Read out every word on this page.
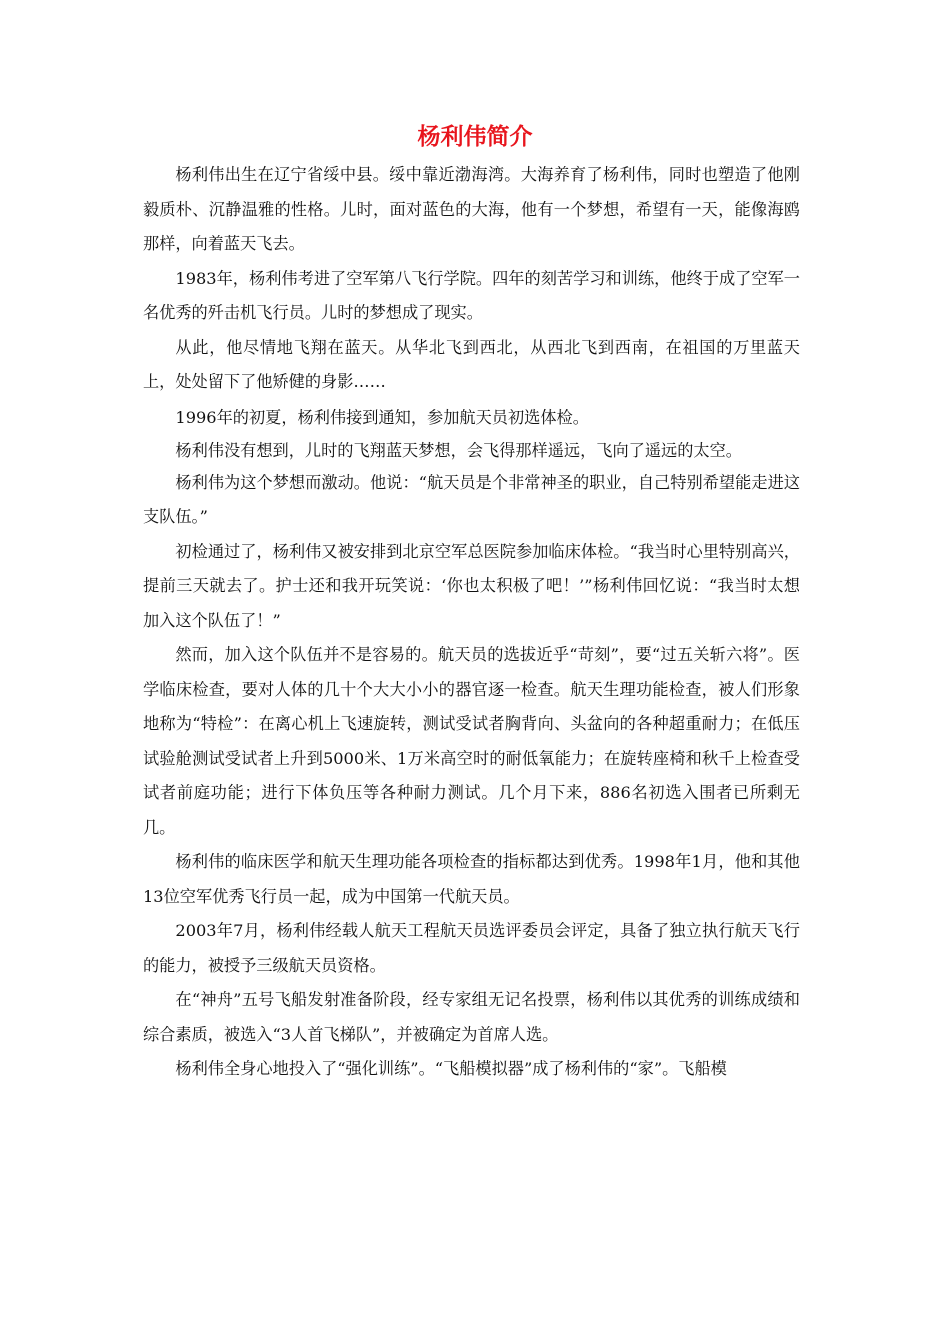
杨利伟简介

杨利伟出生在辽宁省绥中县。绥中靠近渤海湾。大海养育了杨利伟，同时也塑造了他刚毅质朴、沉静温雅的性格。儿时，面对蓝色的大海，他有一个梦想，希望有一天，能像海鸥那样，向着蓝天飞去。

1983年，杨利伟考进了空军第八飞行学院。四年的刻苦学习和训练，他终于成了空军一名优秀的歼击机飞行员。儿时的梦想成了现实。

从此，他尽情地飞翔在蓝天。从华北飞到西北，从西北飞到西南，在祖国的万里蓝天上，处处留下了他矫健的身影……

1996年的初夏，杨利伟接到通知，参加航天员初选体检。

杨利伟没有想到，儿时的飞翔蓝天梦想，会飞得那样遥远，飞向了遥远的太空。

杨利伟为这个梦想而激动。他说：“航天员是个非常神圣的职业，自己特别希望能走进这支队伍。”

初检通过了，杨利伟又被安排到北京空军总医院参加临床体检。“我当时心里特别高兴，提前三天就去了。护士还和我开玩笑说：‘你也太积极了吧！’”杨利伟回忆说：“我当时太想加入这个队伍了！”

然而，加入这个队伍并不是容易的。航天员的选拔近乎“苛刻”，要“过五关斩六将”。医学临床检查，要对人体的几十个大大小小的器官逐一检查。航天生理功能检查，被人们形象地称为“特检”：在离心机上飞速旋转，测试受试者胸背向、头盆向的各种超重耐力；在低压试验舱测试受试者上升到5000米、1万米高空时的耐低氧能力；在旋转座椅和秋千上检查受试者前庭功能；进行下体负压等各种耐力测试。几个月下来，886名初选入围者已所剩无几。

杨利伟的临床医学和航天生理功能各项检查的指标都达到优秀。1998年1月，他和其他13位空军优秀飞行员一起，成为中国第一代航天员。

2003年7月，杨利伟经载人航天工程航天员选评委员会评定，具备了独立执行航天飞行的能力，被授予三级航天员资格。

在“神舟”五号飞船发射准备阶段，经专家组无记名投票，杨利伟以其优秀的训练成绩和综合素质，被选入“3人首飞梯队”，并被确定为首席人选。

杨利伟全身心地投入了“强化训练”。“飞船模拟器”成了杨利伟的“家”。飞船模
